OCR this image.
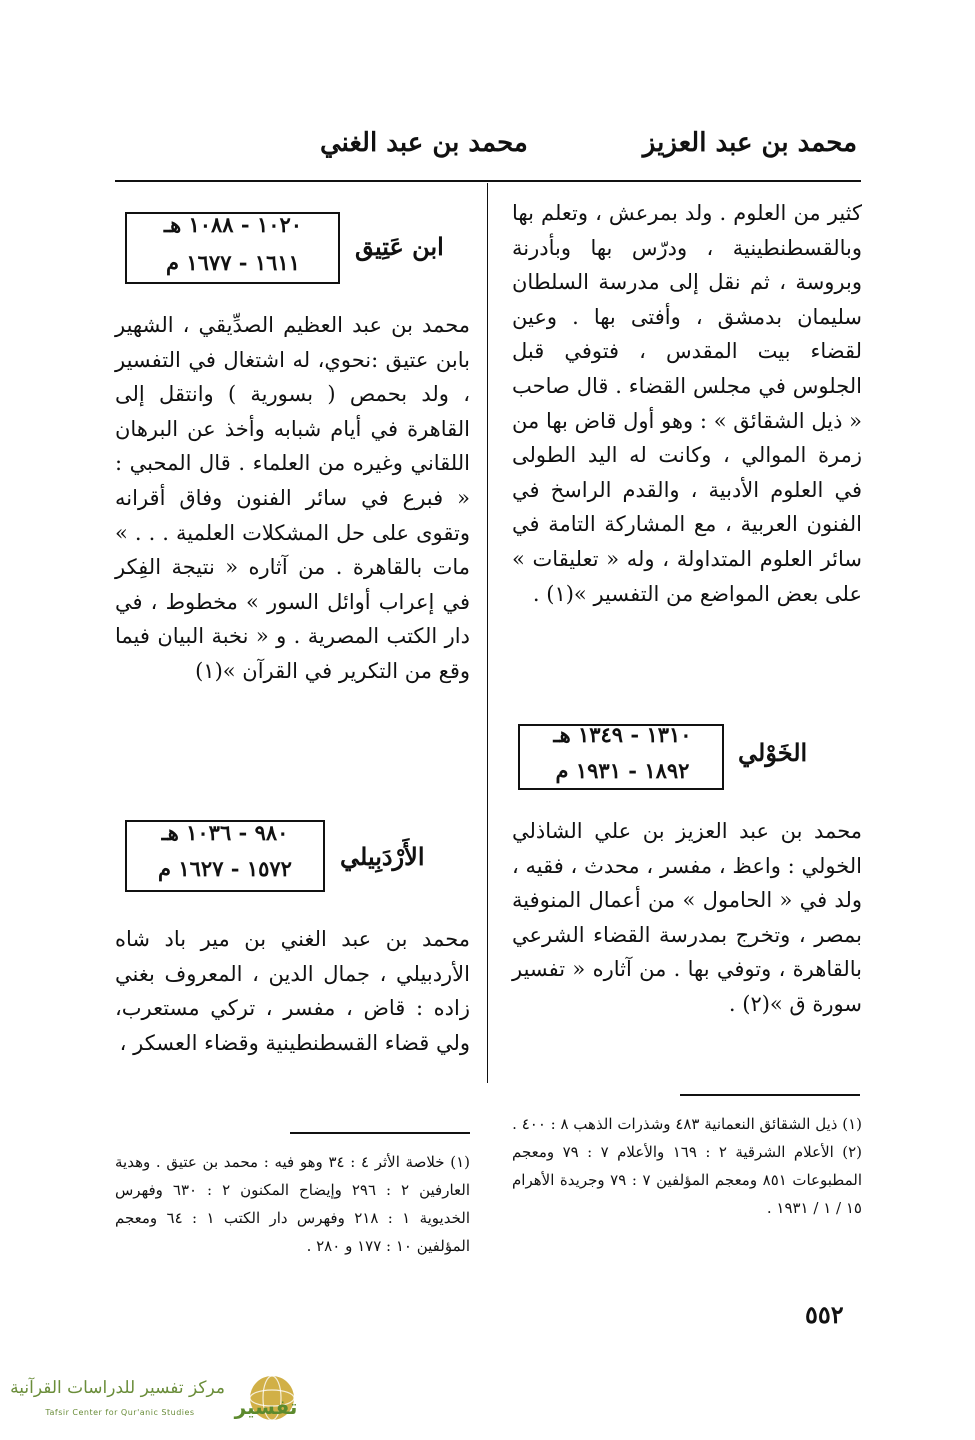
محمد بن عبد العزيز
محمد بن عبد الغني

كثير من العلوم . ولد بمرعش ، وتعلم بها وبالقسطنطينية ، ودرّس بها وبأدرنة وبروسة ، ثم نقل إلى مدرسة السلطان سليمان بدمشق ، وأفتى بها . وعين لقضاء بيت المقدس ، فتوفي قبل الجلوس في مجلس القضاء . قال صاحب « ذيل الشقائق » : وهو أول قاض بها من زمرة الموالي ، وكانت له اليد الطولى في العلوم الأدبية ، والقدم الراسخ في الفنون العربية ، مع المشاركة التامة في سائر العلوم المتداولة ، وله « تعليقات » على بعض المواضع من التفسير »(١) .

١٣١٠ - ١٣٤٩ هـ
١٨٩٢ - ١٩٣١ م
الخَوْلي

محمد بن عبد العزيز بن علي الشاذلي الخولي : واعظ ، مفسر ، محدث ، فقيه ، ولد في « الحامول » من أعمال المنوفية بمصر ، وتخرج بمدرسة القضاء الشرعي بالقاهرة ، وتوفي بها . من آثاره « تفسير سورة ق »(٢) .

(١) ذيل الشقائق النعمانية ٤٨٣ وشذرات الذهب ٨ : ٤٠٠ .

(٢) الأعلام الشرقية ٢ : ١٦٩ والأعلام ٧ : ٧٩ ومعجم المطبوعات ٨٥١ ومعجم المؤلفين ٧ : ٧٩ وجريدة الأهرام ١٥ / ١ / ١٩٣١ .

١٠٢٠ - ١٠٨٨ هـ
١٦١١ - ١٦٧٧ م
ابن عَتِيق

محمد بن عبد العظيم الصدِّيقي ، الشهير بابن عتيق :نحوي، له اشتغال في التفسير ، ولد بحمص ( بسورية ) وانتقل إلى القاهرة في أيام شبابه وأخذ عن البرهان اللقاني وغيره من العلماء . قال المحبي : « فبرع في سائر الفنون وفاق أقرانه وتقوى على حل المشكلات العلمية . . . » مات بالقاهرة . من آثاره « نتيجة الفِكر في إعراب أوائل السور » مخطوط ، في دار الكتب المصرية . و « نخبة البيان فيما وقع من التكرير في القرآن »(١)

٩٨٠ - ١٠٣٦ هـ
١٥٧٢ - ١٦٢٧ م	الأَرْدَبِيلي

محمد بن عبد الغني بن مير باد شاه الأردبيلي ، جمال الدين ، المعروف بغني زاده : قاض ، مفسر ، تركي مستعرب، ولي قضاء القسطنطينية وقضاء العسكر ،

(١) خلاصة الأثر ٤ : ٣٤ وهو فيه : محمد بن عتيق . وهدية العارفين ٢ : ٢٩٦ وإيضاح المكنون ٢ : ٦٣٠ وفهرس الخديوية ١ : ٢١٨ وفهرس دار الكتب ١ : ٦٤ ومعجم المؤلفين ١٠ : ١٧٧ و ٢٨٠ .

٥٥٢
تفسير
مركز تفسير للدراسات القرآنية
Tafsir Center for Qur'anic Studies
